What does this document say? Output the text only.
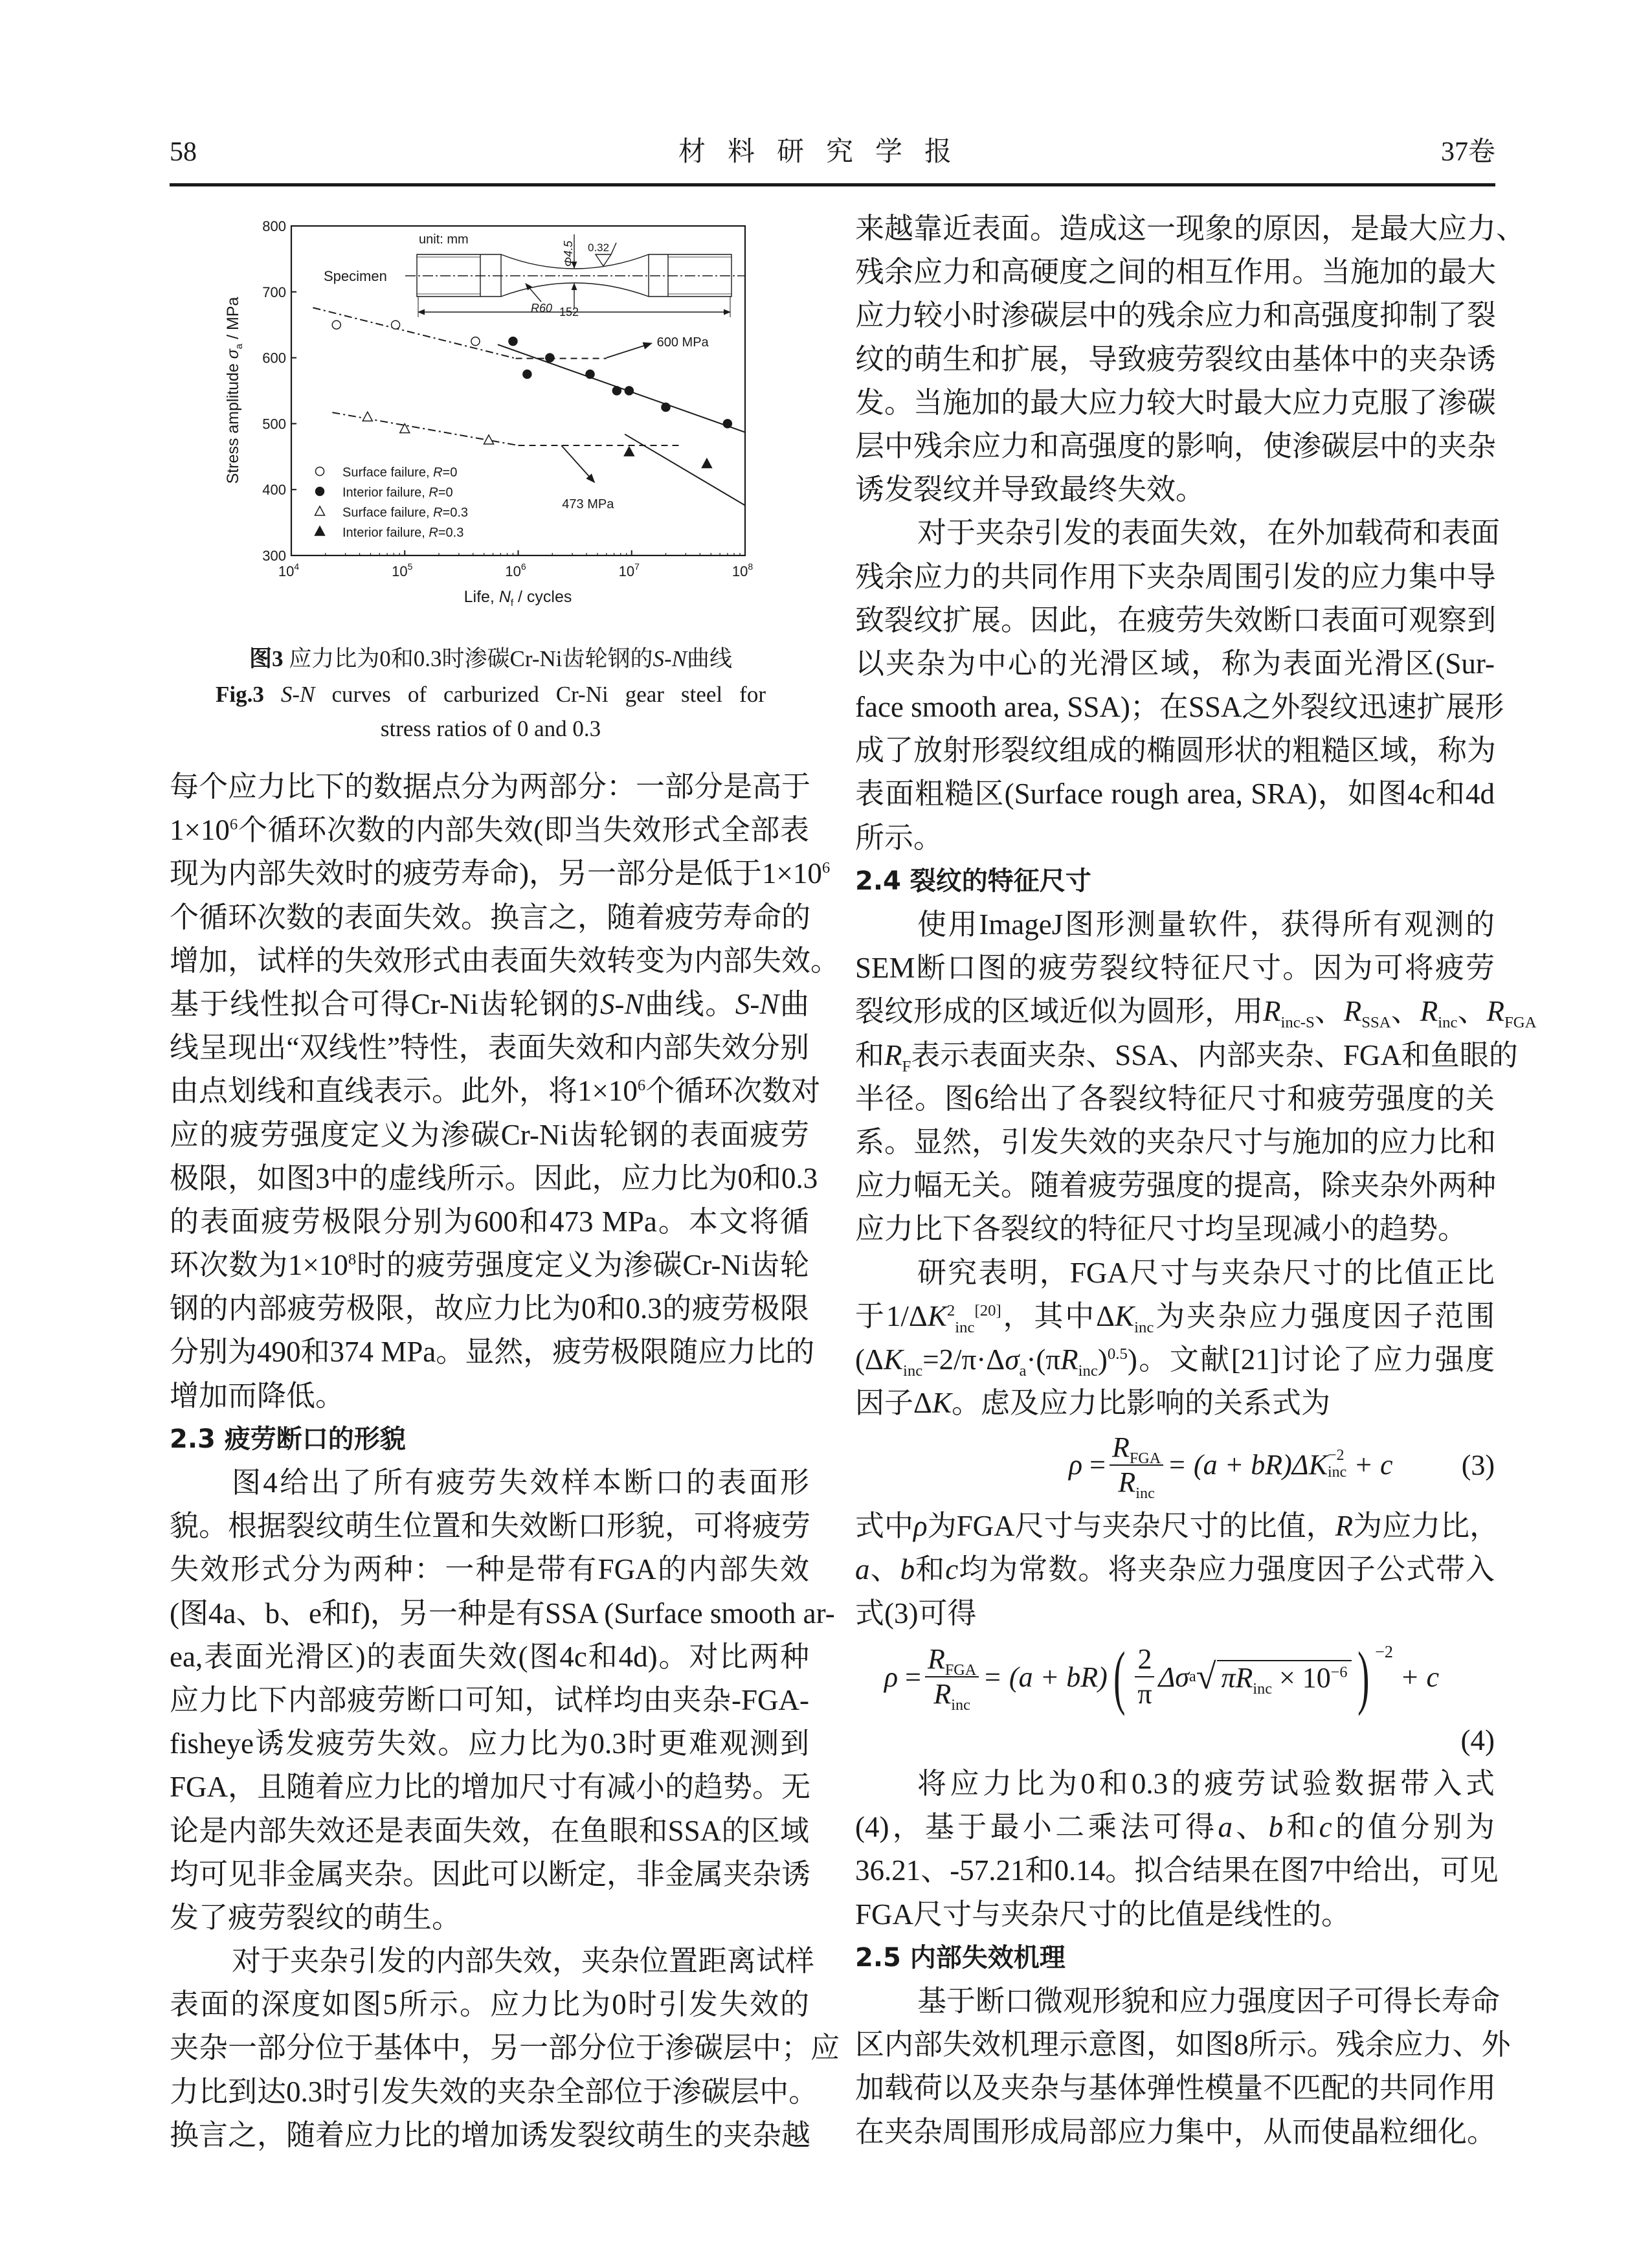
58	材料研究学报	37卷
300
400
500
600
700
800
$10^4$	$10^5$	$10^6$	$10^7$	$10^8$
Life, $N_f$ / cycles
Stress amplitude $\sigma_a$ / MPa
Surface failure, R=0
Interior failure, R=0
Surface failure, R=0.3
Interior failure, R=0.3
600 MPa
473 MPa
unit: mm
Specimen
Φ4.5 0.32
R60 152
图3 应力比为0和0.3时渗碳Cr-Ni齿轮钢的S-N曲线
Fig.3 S-N curves of carburized Cr-Ni gear steel for
stress ratios of 0 and 0.3
每个应力比下的数据点分为两部分：一部分是高于
$1\times 10^6$个循环次数的内部失效(即当失效形式全部表
现为内部失效时的疲劳寿命)，另一部分是低于$1\times 10^6$
个循环次数的表面失效。换言之，随着疲劳寿命的
增加，试样的失效形式由表面失效转变为内部失效。
基于线性拟合可得Cr-Ni齿轮钢的S-N曲线。S-N曲
线呈现出“双线性”特性，表面失效和内部失效分别
由点划线和直线表示。此外，将$1\times 10^6$个循环次数对
应的疲劳强度定义为渗碳Cr-Ni齿轮钢的表面疲劳
极限，如图3中的虚线所示。因此，应力比为0和0.3
的表面疲劳极限分别为600和473 MPa。本文将循
环次数为$1\times 10^8$时的疲劳强度定义为渗碳Cr-Ni齿轮
钢的内部疲劳极限，故应力比为0和0.3的疲劳极限
分别为490和374 MPa。显然，疲劳极限随应力比的
增加而降低。
2.3 疲劳断口的形貌
图4给出了所有疲劳失效样本断口的表面形
貌。根据裂纹萌生位置和失效断口形貌，可将疲劳
失效形式分为两种：一种是带有FGA的内部失效
(图4a、b、e和f)，另一种是有SSA (Surface smooth ar-
ea,表面光滑区)的表面失效(图4c和4d)。对比两种
应力比下内部疲劳断口可知，试样均由夹杂-FGA-
fisheye诱发疲劳失效。应力比为0.3时更难观测到
FGA，且随着应力比的增加尺寸有减小的趋势。无
论是内部失效还是表面失效，在鱼眼和SSA的区域
均可见非金属夹杂。因此可以断定，非金属夹杂诱
发了疲劳裂纹的萌生。
对于夹杂引发的内部失效，夹杂位置距离试样
表面的深度如图5所示。应力比为0时引发失效的
夹杂一部分位于基体中，另一部分位于渗碳层中；应
力比到达0.3时引发失效的夹杂全部位于渗碳层中。
换言之，随着应力比的增加诱发裂纹萌生的夹杂越
来越靠近表面。造成这一现象的原因，是最大应力、
残余应力和高硬度之间的相互作用。当施加的最大
应力较小时渗碳层中的残余应力和高强度抑制了裂
纹的萌生和扩展，导致疲劳裂纹由基体中的夹杂诱
发。当施加的最大应力较大时最大应力克服了渗碳
层中残余应力和高强度的影响，使渗碳层中的夹杂
诱发裂纹并导致最终失效。
对于夹杂引发的表面失效，在外加载荷和表面
残余应力的共同作用下夹杂周围引发的应力集中导
致裂纹扩展。因此，在疲劳失效断口表面可观察到
以夹杂为中心的光滑区域，称为表面光滑区(Sur-
face smooth area, SSA)；在SSA之外裂纹迅速扩展形
成了放射形裂纹组成的椭圆形状的粗糙区域，称为
表面粗糙区(Surface rough area, SRA)，如图4c和4d
所示。
2.4 裂纹的特征尺寸
使用ImageJ图形测量软件，获得所有观测的
SEM断口图的疲劳裂纹特征尺寸。因为可将疲劳
裂纹形成的区域近似为圆形，用$R_{inc-S}$、$R_{SSA}$、$R_{inc}$、$R_{FGA}$
和$R_F$表示表面夹杂、SSA、内部夹杂、FGA和鱼眼的
半径。图6给出了各裂纹特征尺寸和疲劳强度的关
系。显然，引发失效的夹杂尺寸与施加的应力比和
应力幅无关。随着疲劳强度的提高，除夹杂外两种
应力比下各裂纹的特征尺寸均呈现减小的趋势。
研究表明，FGA尺寸与夹杂尺寸的比值正比
于$1/\Delta K^2_{inc}[20]$，其中$\Delta K_{inc}$为夹杂应力强度因子范围
$(\Delta K_{inc}=2/\pi\cdot\Delta\sigma_a\cdot(\pi R_{inc})^{0.5})$。文献[21]讨论了应力强度
因子ΔK。虑及应力比影响的关系式为
ρ
= $\frac{R_{FGA}}{R_{inc}} = (a + bR)\Delta K -2$
inc
+ c (3)
式中ρ为FGA尺寸与夹杂尺寸的比值，R为应力比，
a、b和c均为常数。将夹杂应力强度因子公式带入
式(3)可得
ρ
= $\frac{R_{FGA}}{R_{inc}} = (a + bR)$ ( $\frac{2}{\pi}$ Δσ a √ $\pi R_{inc} \times 10^{-6}$ ) $^{-2}$

+ c
(4)
将应力比为0和0.3的疲劳试验数据带入式
(4)，基于最小二乘法可得a、b和c的值分别为
36.21、-57.21和0.14。拟合结果在图7中给出，可见
FGA尺寸与夹杂尺寸的比值是线性的。
2.5 内部失效机理
基于断口微观形貌和应力强度因子可得长寿命
区内部失效机理示意图，如图8所示。残余应力、外
加载荷以及夹杂与基体弹性模量不匹配的共同作用
在夹杂周围形成局部应力集中，从而使晶粒细化。
